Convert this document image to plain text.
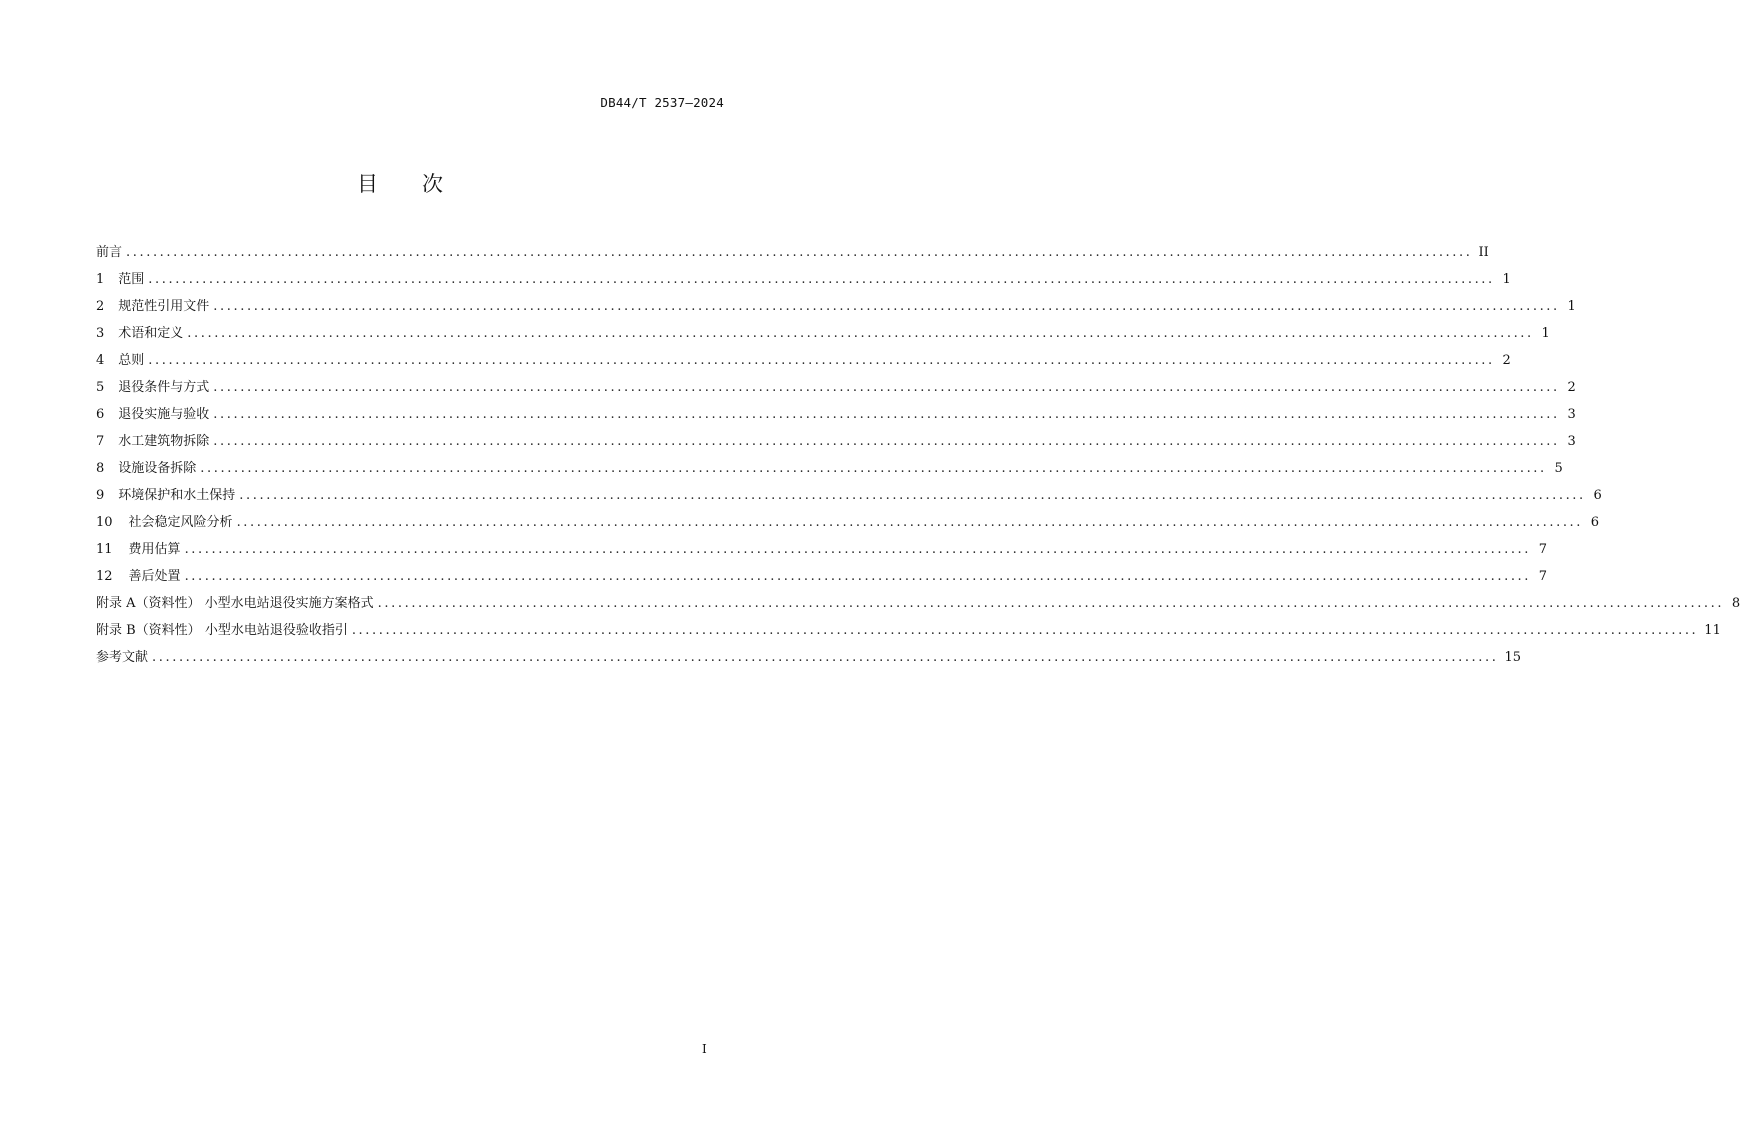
DB44/T 2537—2024
目 次
前言 ........................................................................................................................................................................................................ II
1 范围 ........................................................................................................................................................................................................ 1
2 规范性引用文件 ........................................................................................................................................................................................................ 1
3 术语和定义 ........................................................................................................................................................................................................ 1
4 总则 ........................................................................................................................................................................................................ 2
5 退役条件与方式 ........................................................................................................................................................................................................ 2
6 退役实施与验收 ........................................................................................................................................................................................................ 3
7 水工建筑物拆除 ........................................................................................................................................................................................................ 3
8 设施设备拆除 ........................................................................................................................................................................................................ 5
9 环境保护和水土保持 ........................................................................................................................................................................................................ 6
10 社会稳定风险分析 ........................................................................................................................................................................................................ 6
11 费用估算 ........................................................................................................................................................................................................ 7
12 善后处置 ........................................................................................................................................................................................................ 7
附录 A（资料性） 小型水电站退役实施方案格式 ........................................................................................................................................................................................................ 8
附录 B（资料性） 小型水电站退役验收指引 ........................................................................................................................................................................................................ 11
参考文献 ........................................................................................................................................................................................................ 15
I
